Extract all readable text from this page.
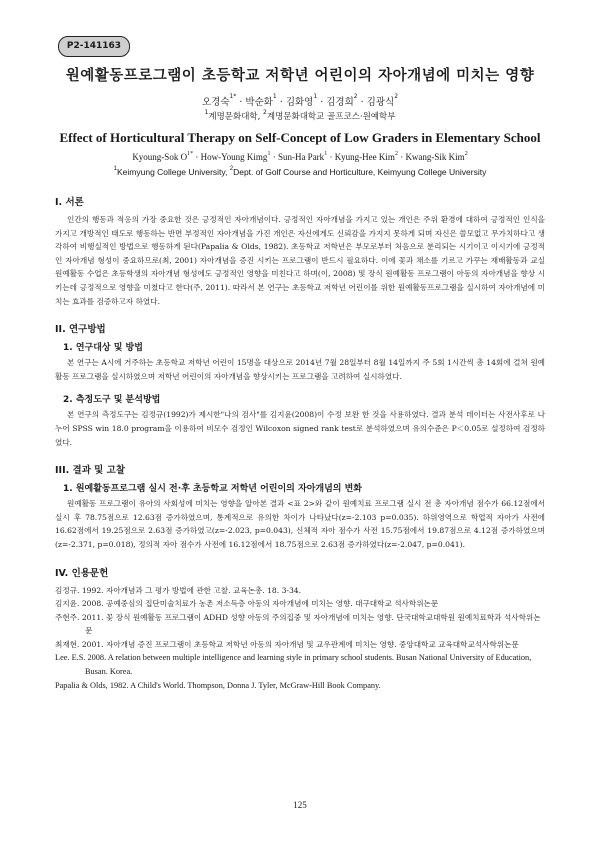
P2-141163
원예활동프로그램이 초등학교 저학년 어린이의 자아개념에 미치는 영향
오경숙$^{1*}$ · 박순화$^1$ · 김화영$^1$ · 김경희$^2$ · 김광식$^2$
$^1$계명문화대학, $^2$계명문화대학교 골프코스·원예학부
Effect of Horticultural Therapy on Self-Concept of Low Graders in Elementary School
Kyoung-Sok $O^{1*}$ · How-Young Kimg$^1$ · Sun-Ha Park$^1$ · Kyung-Hee Kim$^2$ · Kwang-Sik Kim$^2$
$^1$Keimyung College University, $^2$Dept. of Golf Course and Horticulture, Keimyung College University
I. 서론

인간의 행동과 적응의 가장 중요한 것은 긍정적인 자아개념이다. 긍정적인 자아개념을 가지고 있는 개인은 주위 환경에 대하여 긍정적인 인식을 가지고 개방적인 태도로 행동하는 반면 부정적인 자아개념을 가진 개인은 자신에게도 신뢰감을 가지지 못하게 되며 자신은 쓸모없고 무가치하다고 생각하여 비행실적인 방법으로 행동하게 된다(Papalia & Olds, 1982). 초등학교 저학년은 부모로부터 처음으로 분리되는 시기이고 이시기에 긍정적인 자아개념 형성이 중요하므로(최, 2001) 자아개념을 증진 시키는 프로그램이 반드시 필요하다. 이에 꽃과 채소를 기르고 가꾸는 재배활동과 교실 원예활동 수업은 초등학생의 자아개념 형성에도 긍정적인 영향을 미친다고 하며(이, 2008) 및 장식 원예활동 프로그램이 아동의 자아개념을 향상 시키는데 긍정적으로 영향을 미쳤다고 한다(주, 2011). 따라서 본 연구는 초등학교 저학년 어린이를 위한 원예활동프로그램을 실시하여 자아개념에 미치는 효과를 검증하고자 하였다.

II. 연구방법
1. 연구대상 및 방법

본 연구는 A시에 거주하는 초등학교 저학년 어린이 15명을 대상으로 2014년 7월 28일부터 8월 14일까지 주 5회 1시간씩 총 14회에 걸쳐 원예활동 프로그램을 실시하였으며 저학년 어린이의 자아개념을 향상시키는 프로그램을 고려하여 실시하였다.

2. 측정도구 및 분석방법

본 연구의 측정도구는 김정규(1992)가 제시한"나의 검사"를 김지윤(2008)이 수정 보완 한 것을 사용하였다. 결과 분석 데이터는 사전사후로 나누어 SPSS win 18.0 program을 이용하여 비모수 검정인 Wilcoxon signed rank test로 분석하였으며 유의수준은 P＜0.05로 설정하여 검정하였다.

III. 결과 및 고찰
1. 원예활동프로그램 실시 전·후 초등학교 저학년 어린이의 자아개념의 변화

원예활동 프로그램이 유아의 사회성에 미치는 영향을 알아본 결과 <표 2>와 같이 원예치료 프로그램 실시 전 총 자아개념 점수가 66.12점에서 실시 후 78.75점으로 12.63점 증가하였으며, 통계적으로 유의한 차이가 나타났다(z=-2.103 p=0.035). 하위영역으로 학업적 자아가 사전에 16.62점에서 19.25점으로 2.63점 증가하였고(z=-2.023, p=0.043), 신체적 자아 점수가 사전 15.75점에서 19.87점으로 4.12점 증가하였으며(z=-2.371, p=0.018), 정의적 자아 점수가 사전에 16.12점에서 18.75점으로 2.63점 증가하였다(z=-2.047, p=0.041).

IV. 인용문헌
김정규. 1992. 자아개념과 그 평가 방법에 관한 고찰. 교육논총. 18. 3-34.
김지윤. 2008. 공예중심의 집단미술치료가 농촌 저소득층 아동의 자아개념에 미치는 영향. 대구대학교 석사학위논문
주현주. 2011. 꽃 장식 원예활동 프로그램이 ADHD 성향 아동의 주의집중 및 자아개념에 미치는 영향. 단국대학교대학원 원예치료학과 석사학위논문
최재현. 2001. 자아개념 증진 프로그램이 초등학교 저학년 아동의 자아개념 및 교우관계에 미치는 영향. 중앙대학교 교육대학교석사학위논문
Lee. E.S. 2008. A relation between multiple intelligence and learning style in primary school students. Busan National University of Education, Busan. Korea.
Papalia & Olds, 1982. A Child's World. Thompson, Donna J. Tyler, McGraw-Hill Book Company.
125
